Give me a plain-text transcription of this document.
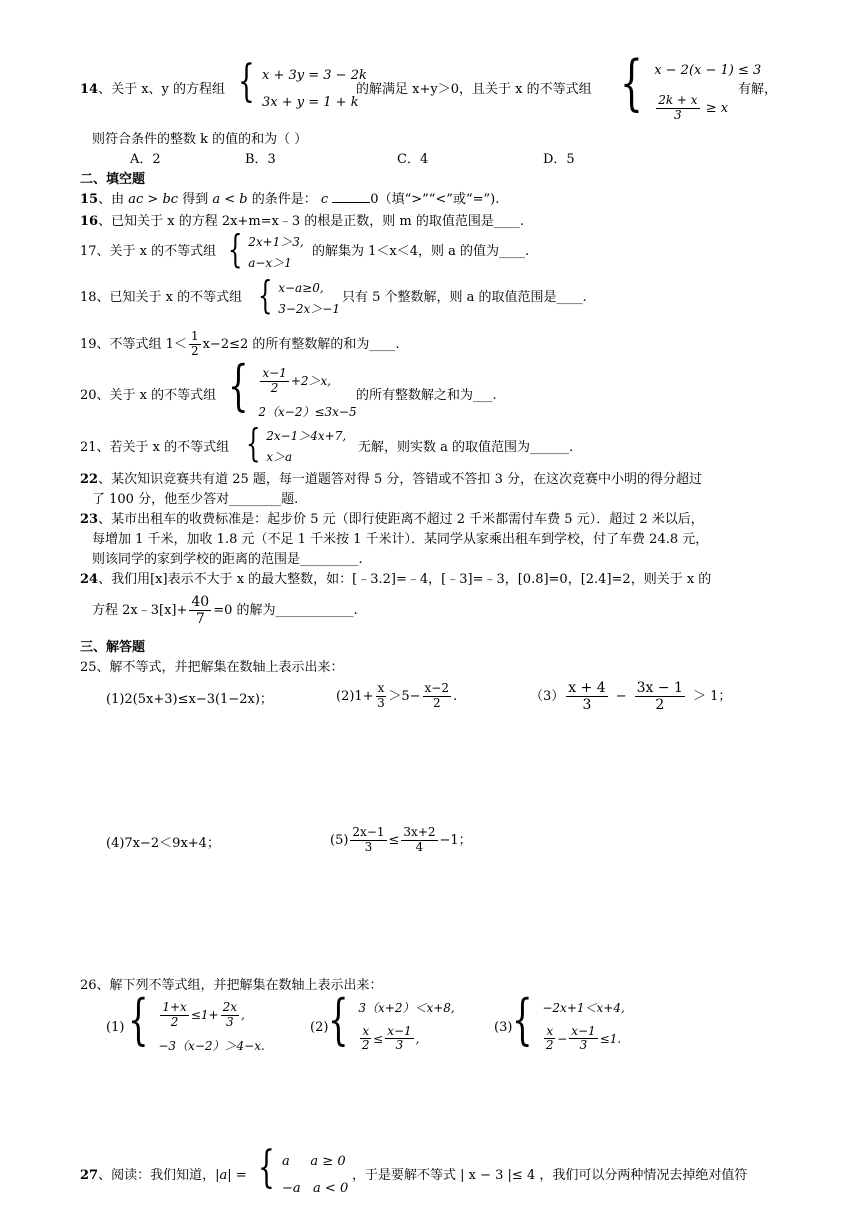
14、关于 x、y 的方程组 { x + 3y = 3 − 2k
3x + y = 1 + k
的解满足 x+y＞0，且关于 x 的不等式组 { x − 2(x − 1) ≤ 3
$\frac{2k + x}{3} \ge x$
有解，
则符合条件的整数 k 的值的和为（ ）
A．2	B．3	C．4	D．5
二、填空题
15、由 ac > bc 得到 a < b 的条件是： c	0（填“>”“<”或“=”).
16、已知关于 x 的方程 2x+m=x﹣3 的根是正数，则 m 的取值范围是____.
17、关于 x 的不等式组 { 2x+1＞3,
a−x＞1
的解集为 1＜x＜4，则 a 的值为____.
18、已知关于 x 的不等式组 { x−a≥0,
3−2x＞−1
只有 5 个整数解，则 a 的取值范围是____.
19、不等式组 $1< \frac{1}{2} x-2\le 2$ 的所有整数解的和为____.
20、关于 x 的不等式组 { $\frac{x-1}{2} +2>x$,
2（x−2）≤3x−5
的所有整数解之和为___.
21、若关于 x 的不等式组 { 2x−1＞4x+7,
x＞a
无解，则实数 a 的取值范围为______.
22、某次知识竞赛共有道 25 题，每一道题答对得 5 分，答错或不答扣 3 分，在这次竞赛中小明的得分超过
了 100 分，他至少答对________题.
23、某市出租车的收费标准是：起步价 5 元（即行使距离不超过 2 千米都需付车费 5 元）．超过 2 米以后，
每增加 1 千米，加收 1.8 元（不足 1 千米按 1 千米计）．某同学从家乘出租车到学校，付了车费 24.8 元，
则该同学的家到学校的距离的范围是_________.
24、我们用[x]表示不大于 x 的最大整数，如：[﹣3.2]=﹣4，[﹣3]=﹣3，[0.8]=0，[2.4]=2，则关于 x 的
方程 2x﹣3[x]+ $\frac{40}{7} =0$ 的解为____________.
三、解答题
25、解不等式，并把解集在数轴上表示出来：
(1)2(5x+3)≤x−3(1−2x)；	$(2)1+ \frac{x}{3} >5- \frac{x-2}{2}$ .	$(3) \frac{x + 4}{3} - \frac{3x - 1}{2} > 1$；
(4)7x−2＜9x+4；	$(5) \frac{2x-1}{3} \le \frac{3x+2}{4} -1$；
26、解下列不等式组，并把解集在数轴上表示出来：
(1) { $\frac{1+x}{2} \le 1+ \frac{2x}{3}$ ,
−3（x−2）＞4−x.
(2) { 3（x+2）＜x+8,
$\frac{x}{2} \le \frac{x-1}{3}$ ,
(3) { −2x+1＜x+4,
$\frac{x}{2} - \frac{x-1}{3} \le 1$.
27、阅读：我们知道，|a| = { a     a ≥ 0
−a   a < 0
，于是要解不等式 | x − 3 |≤ 4 ，我们可以分两种情况去掉绝对值符
